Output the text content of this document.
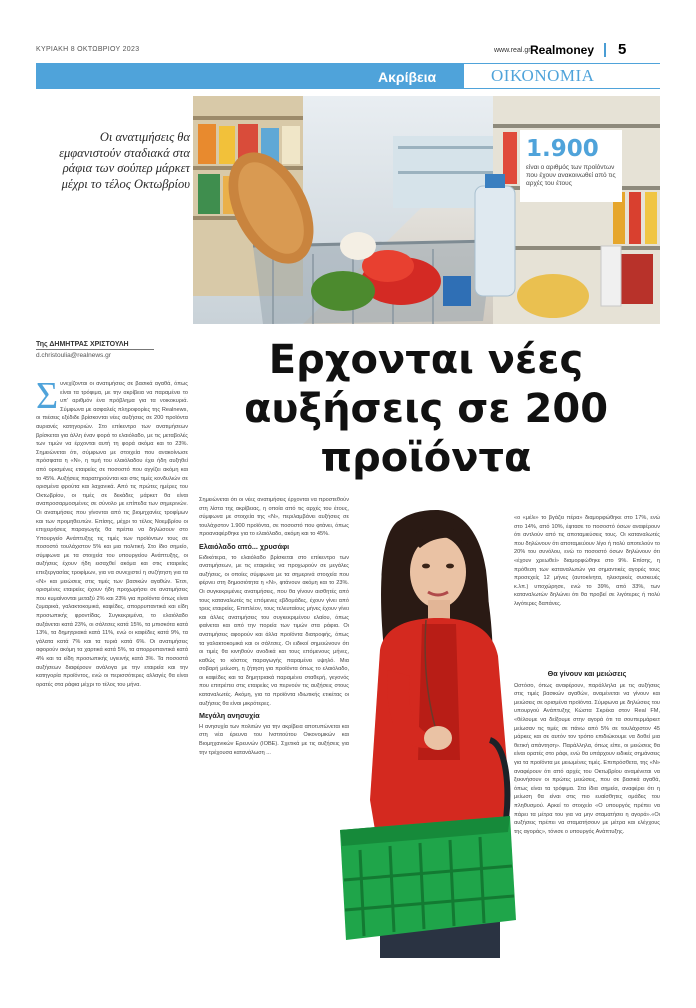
ΚΥΡΙΑΚΗ 8 ΟΚΤΩΒΡΙΟΥ 2023	www.real.gr Realmoney 5
Ακρίβεια	ΟΙΚΟΝΟΜΙΑ
Οι ανατιμήσεις θα εμφανιστούν σταδιακά στα ράφια των σούπερ μάρκετ μέχρι το τέλος Οκτωβρίου
1.900
είναι ο αριθμός των προϊόντων που έχουν ανακοινωθεί από τις αρχές του έτους
Της ΔΗΜΗΤΡΑΣ ΧΡΙΣΤΟΥΛΗ
d.christoulia@realnews.gr	Ερχονται νέες αυξήσεις σε 200 προϊόντα
Σ υνεχίζονται οι ανατιμήσεις σε βασικά αγαθά, όπως είναι τα τρόφιμα, με την ακρίβεια να παραμένει το υπ' αριθμόν ένα πρόβλημα για τα νοικοκυριά. Σύμφωνα με ασφαλείς πληροφορίες της Realnews, οι πιέσεις εξέδιδε βρίσκονται νέες αυξήσεις σε 200 προϊόντα αυριανές κατηγοριών. Στο επίκεντρο των ανατιμήσεων βρίσκεται για άλλη έναν φορά το ελαιόλαδο, με τις μεταβολές των τιμών να έρχονται αυτή τη φορά ακόμα και το 23%. Σημειώνεται ότι, σύμφωνα με στοιχεία που ανακοίνωσε πρόσφατα η «Ν», η τιμή του ελαιόλαδου έχει ήδη αυξηθεί από ορισμένες εταιρείες σε ποσοστό που αγγίζει ακόμη και το 45%. Αυξήσεις παρατηρούνται και στις τιμές κονδυλιών σε ορισμένα φρούτα και λαχανικά. Από τις πρώτες ημέρες του Οκτωβρίου, οι τιμές σε δεκάδες μάρκετ θα είναι αναπροσαρμοσμένες σε σύνολο με επίπεδα των σημερινών. Οι ανατιμήσεις που γίνονται από τις βιομηχανίες τροφίμων και των προμηθευτών. Επίσης, μέχρι το τέλος Νοεμβρίου οι επιχειρήσεις παραγωγής θα πρέπει να δηλώσουν στο Υπουργείο Ανάπτυξης τις τιμές των προϊόντων τους σε ποσοστό τουλάχιστον 5% και μια πολιτική. Στο ίδιο σημείο, σύμφωνα με τα στοιχεία του υπουργείου Ανάπτυξης, οι αυξήσεις έχουν ήδη εισαχθεί ακόμα και στις εταιρείες επεξεργασίας τροφίμων, για να συνεχιστεί η συζήτηση για τα «Ν» και μειώσεις στις τιμές των βασικών αγαθών. Έτσι, ορισμένες εταιρείες έχουν ήδη προχωρήσει σε ανατιμήσεις που κυμαίνονται μεταξύ 2% και 23% για προϊόντα όπως είναι ζυμαρικά, γαλακτοκομικά, καφέδες, απορρυπαντικά και είδη προσωπικής φροντίδας. Συγκεκριμένα, το ελαιόλαδο αυξάνεται κατά 23%, οι σάλτσες κατά 15%, τα μπισκότα κατά 13%, τα δημητριακά κατά 11%, ενώ οι καφέδες κατά 9%, τα γάλατα κατά 7% και τα τυριά κατά 6%. Οι ανατιμήσεις αφορούν ακόμη τα χαρτικά κατά 5%, τα απορρυπαντικά κατά 4% και τα είδη προσωπικής υγιεινής κατά 3%. Τα ποσοστά αυξήσεων διαφέρουν ανάλογα με την εταιρεία και την κατηγορία προϊόντος, ενώ οι περισσότερες αλλαγές θα είναι ορατές στα ράφια μέχρι το τέλος του μήνα.
Σημειώνεται ότι οι νέες ανατιμήσεις έρχονται να προστεθούν στη λίστα της ακρίβειας, η οποία από τις αρχές του έτους, σύμφωνα με στοιχεία της «Ν», περιλαμβάνει αυξήσεις σε τουλάχιστον 1.900 προϊόντα, σε ποσοστό που φτάνει, όπως προαναφέρθηκε για το ελαιόλαδο, ακόμη και το 45%.
Ελαιόλαδο από... χρυσάφι
Ειδικότερα, το ελαιόλαδο βρίσκεται στο επίκεντρο των ανατιμήσεων, με τις εταιρείες να προχωρούν σε μεγάλες αυξήσεις, οι οποίες σύμφωνα με τα σημερινά στοιχεία που φέρνει στη δημοσιότητα η «Ν», φτάνουν ακόμη και το 23%. Οι συγκεκριμένες ανατιμήσεις, που θα γίνουν αισθητές από τους καταναλωτές τις επόμενες εβδομάδες, έχουν γίνει από τρεις εταιρείες. Επιπλέον, τους τελευταίους μήνες έχουν γίνει και άλλες ανατιμήσεις του συγκεκριμένου ελαίου, όπως φαίνεται και από την πορεία των τιμών στα ράφια. Οι ανατιμήσεις αφορούν και άλλα προϊόντα διατροφής, όπως τα γαλακτοκομικά και οι σάλτσες. Οι ειδικοί σημειώνουν ότι οι τιμές θα κινηθούν ανοδικά και τους επόμενους μήνες, καθώς το κόστος παραγωγής παραμένει υψηλό. Μια σοβαρή μείωση, η ζήτηση για προϊόντα όπως το ελαιόλαδο, οι καφέδες και τα δημητριακά παραμένει σταθερή, γεγονός που επιτρέπει στις εταιρείες να περνούν τις αυξήσεις στους καταναλωτές. Ακόμη, για τα προϊόντα ιδιωτικής ετικέτας οι αυξήσεις θα είναι μικρότερες.
Μεγάλη ανησυχία
Η ανησυχία των πολιτών για την ακρίβεια αποτυπώνεται και στη νέα έρευνα του Ινστιτούτου Οικονομικών και Βιομηχανικών Ερευνών (ΙΟΒΕ). Σχετικά με τις αυξήσεις για την τρέχουσα κατανάλωση ...
«ο «μέλι» το βγάζει πέρα» διαμορφώθηκε στο 17%, ενώ στο 14%, από 10%, έφτασε το ποσοστό όσων αναφέρουν ότι αντλούν από τις αποταμιεύσεις τους. Οι καταναλωτές που δηλώνουν ότι αποταμιεύουν λίγο ή πολύ αποτελούν το 20% του συνόλου, ενώ το ποσοστό όσων δηλώνουν ότι «έχουν χρεωθεί» διαμορφώθηκε στο 9%. Επίσης, η πρόθεση των καταναλωτών για σημαντικές αγορές τους προσεχείς 12 μήνες (αυτοκίνητα, ηλεκτρικές συσκευές κ.λπ.) υποχώρησε, ενώ το 39%, από 33%, των καταναλωτών δηλώνει ότι θα προβεί σε λιγότερες ή πολύ λιγότερες δαπάνες.
Θα γίνουν και μειώσεις
Ωστόσο, όπως αναφέρουν, παράλληλα με τις αυξήσεις στις τιμές βασικών αγαθών, αναμένεται να γίνουν και μειώσεις σε ορισμένα προϊόντα. Σύμφωνα με δηλώσεις του υπουργού Ανάπτυξης Κώστα Σκρέκα στον Real FM, «θέλουμε να δείξουμε στην αγορά ότι τα σουπερμάρκετ μείωσαν τις τιμές σε πάνω από 5% σε τουλάχιστον 45 μάρκες και σε αυτόν τον τρόπο επιδιώκουμε να δοθεί μια θετική απάντηση». Παράλληλα, όπως είπε, οι μειώσεις θα είναι ορατές στο ράφι, ενώ θα υπάρχουν ειδικές σημάνσεις για τα προϊόντα με μειωμένες τιμές. Επιπρόσθετα, της «Ν» αναφέρουν ότι από αρχές του Οκτωβρίου αναμένεται να ξεκινήσουν οι πρώτες μειώσεις, που σε βασικά αγαθά, όπως είναι τα τρόφιμα. Στα ίδια σημεία, αναφέρει ότι η μείωση θα είναι στις πιο ευαίσθητες ομάδες του πληθυσμού. Αρκεί το στοιχείο «Ο υπουργός πρέπει να πάρει τα μέτρα του για να μην σταματήσει η αγορά».«Οι αυξήσεις πρέπει να σταματήσουν με μέτρα και ελέγχους της αγοράς», τόνισε ο υπουργός Ανάπτυξης.
